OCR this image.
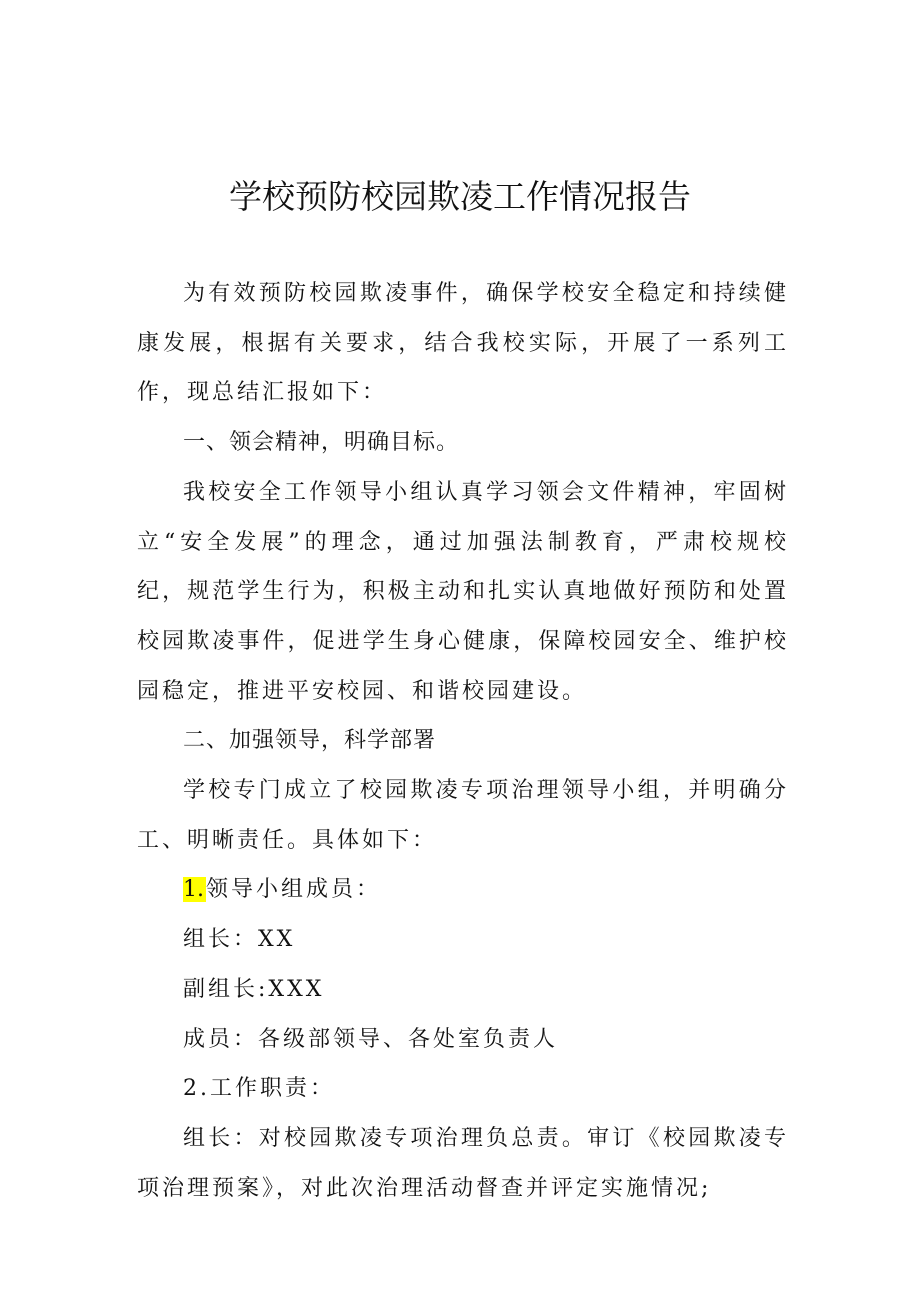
学校预防校园欺凌工作情况报告

为有效预防校园欺凌事件，确保学校安全稳定和持续健康发展，根据有关要求，结合我校实际，开展了一系列工作，现总结汇报如下：

一、领会精神，明确目标。

我校安全工作领导小组认真学习领会文件精神，牢固树立“安全发展”的理念，通过加强法制教育，严肃校规校纪，规范学生行为，积极主动和扎实认真地做好预防和处置校园欺凌事件，促进学生身心健康，保障校园安全、维护校园稳定，推进平安校园、和谐校园建设。

二、加强领导，科学部署

学校专门成立了校园欺凌专项治理领导小组，并明确分工、明晰责任。具体如下：

1.领导小组成员：

组长：XX

副组长:XXX

成员：各级部领导、各处室负责人

2.工作职责：

组长：对校园欺凌专项治理负总责。审订《校园欺凌专项治理预案》，对此次治理活动督查并评定实施情况;
